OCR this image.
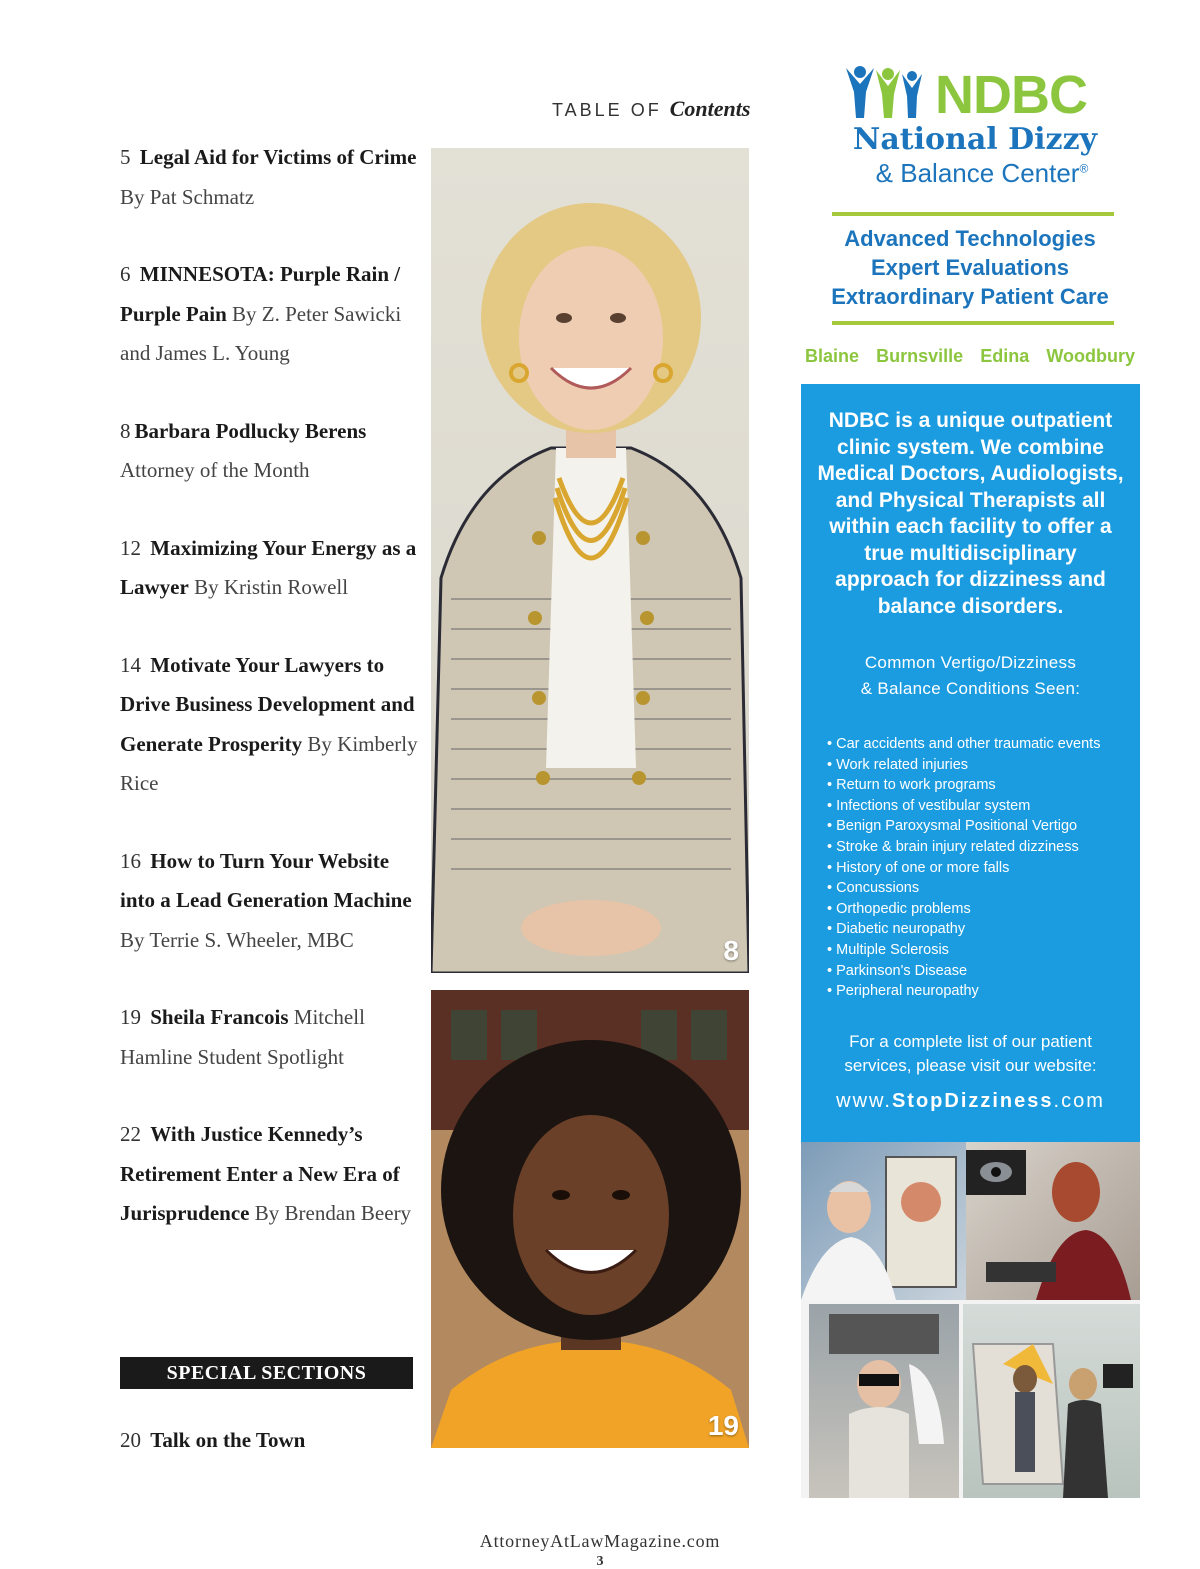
TABLE OF Contents
5 Legal Aid for Victims of Crime By Pat Schmatz
6 MINNESOTA: Purple Rain / Purple Pain By Z. Peter Sawicki and James L. Young
8 Barbara Podlucky Berens
Attorney of the Month
12 Maximizing Your Energy as a Lawyer By Kristin Rowell
14 Motivate Your Lawyers to Drive Business Development and Generate Prosperity By Kimberly Rice
16 How to Turn Your Website into a Lead Generation Machine By Terrie S. Wheeler, MBC
19 Sheila Francois Mitchell Hamline Student Spotlight
22 With Justice Kennedy’s Retirement Enter a New Era of Jurisprudence By Brendan Beery
SPECIAL SECTIONS
20 Talk on the Town
8
19
NDBC
National Dizzy
& Balance Center®
Advanced Technologies
Expert Evaluations
Extraordinary Patient Care
Blaine Burnsville Edina Woodbury
NDBC is a unique outpatient clinic system. We combine Medical Doctors, Audiologists, and Physical Therapists all within each facility to offer a true multidisciplinary approach for dizziness and balance disorders.
Common Vertigo/Dizziness
& Balance Conditions Seen:
• Car accidents and other traumatic events
• Work related injuries
• Return to work programs
• Infections of vestibular system
• Benign Paroxysmal Positional Vertigo
• Stroke & brain injury related dizziness
• History of one or more falls
• Concussions
• Orthopedic problems
• Diabetic neuropathy
• Multiple Sclerosis
• Parkinson's Disease
• Peripheral neuropathy
For a complete list of our patient services, please visit our website:
www.StopDizziness.com
AttorneyAtLawMagazine.com
3
